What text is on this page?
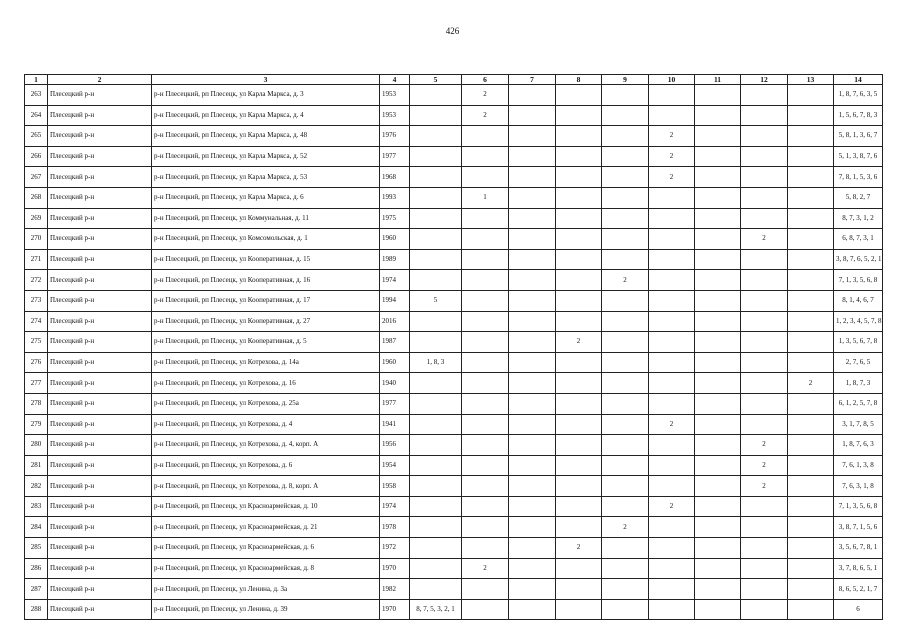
426
1	2	3	4	5	6	7	8	9	10	11	12	13	14
263	Плесецкий р-н	р-н Плесецкий, рп Плесецк, ул Карла Маркса, д. 3	1953		2								1, 8, 7, 6, 3, 5
264	Плесецкий р-н	р-н Плесецкий, рп Плесецк, ул Карла Маркса, д. 4	1953		2								1, 5, 6, 7, 8, 3
265	Плесецкий р-н	р-н Плесецкий, рп Плесецк, ул Карла Маркса, д. 48	1976						2				5, 8, 1, 3, 6, 7
266	Плесецкий р-н	р-н Плесецкий, рп Плесецк, ул Карла Маркса, д. 52	1977						2				5, 1, 3, 8, 7, 6
267	Плесецкий р-н	р-н Плесецкий, рп Плесецк, ул Карла Маркса, д. 53	1968						2				7, 8, 1, 5, 3, 6
268	Плесецкий р-н	р-н Плесецкий, рп Плесецк, ул Карла Маркса, д. 6	1993		1								5, 8, 2, 7
269	Плесецкий р-н	р-н Плесецкий, рп Плесецк, ул Коммунальная, д. 11	1975										8, 7, 3, 1, 2
270	Плесецкий р-н	р-н Плесецкий, рп Плесецк, ул Комсомольская, д. 1	1960								2		6, 8, 7, 3, 1
271	Плесецкий р-н	р-н Плесецкий, рп Плесецк, ул Кооперативная, д. 15	1989										3, 8, 7, 6, 5, 2, 1
272	Плесецкий р-н	р-н Плесецкий, рп Плесецк, ул Кооперативная, д. 16	1974					2					7, 1, 3, 5, 6, 8
273	Плесецкий р-н	р-н Плесецкий, рп Плесецк, ул Кооперативная, д. 17	1994	5									8, 1, 4, 6, 7
274	Плесецкий р-н	р-н Плесецкий, рп Плесецк, ул Кооперативная, д. 27	2016										1, 2, 3, 4, 5, 7, 8
275	Плесецкий р-н	р-н Плесецкий, рп Плесецк, ул Кооперативная, д. 5	1987				2						1, 3, 5, 6, 7, 8
276	Плесецкий р-н	р-н Плесецкий, рп Плесецк, ул Котрехова, д. 14а	1960	1, 8, 3									2, 7, 6, 5
277	Плесецкий р-н	р-н Плесецкий, рп Плесецк, ул Котрехова, д. 16	1940									2	1, 8, 7, 3
278	Плесецкий р-н	р-н Плесецкий, рп Плесецк, ул Котрехова, д. 25а	1977										6, 1, 2, 5, 7, 8
279	Плесецкий р-н	р-н Плесецкий, рп Плесецк, ул Котрехова, д. 4	1941						2				3, 1, 7, 8, 5
280	Плесецкий р-н	р-н Плесецкий, рп Плесецк, ул Котрехова, д. 4, корп. А	1956								2		1, 8, 7, 6, 3
281	Плесецкий р-н	р-н Плесецкий, рп Плесецк, ул Котрехова, д. 6	1954								2		7, 6, 1, 3, 8
282	Плесецкий р-н	р-н Плесецкий, рп Плесецк, ул Котрехова, д. 8, корп. А	1958								2		7, 6, 3, 1, 8
283	Плесецкий р-н	р-н Плесецкий, рп Плесецк, ул Красноармейская, д. 10	1974						2				7, 1, 3, 5, 6, 8
284	Плесецкий р-н	р-н Плесецкий, рп Плесецк, ул Красноармейская, д. 21	1978					2					3, 8, 7, 1, 5, 6
285	Плесецкий р-н	р-н Плесецкий, рп Плесецк, ул Красноармейская, д. 6	1972				2						3, 5, 6, 7, 8, 1
286	Плесецкий р-н	р-н Плесецкий, рп Плесецк, ул Красноармейская, д. 8	1970		2								3, 7, 8, 6, 5, 1
287	Плесецкий р-н	р-н Плесецкий, рп Плесецк, ул Ленина, д. 3а	1982										8, 6, 5, 2, 1, 7
288	Плесецкий р-н	р-н Плесецкий, рп Плесецк, ул Ленина, д. 39	1970	8, 7, 5, 3, 2, 1									6
